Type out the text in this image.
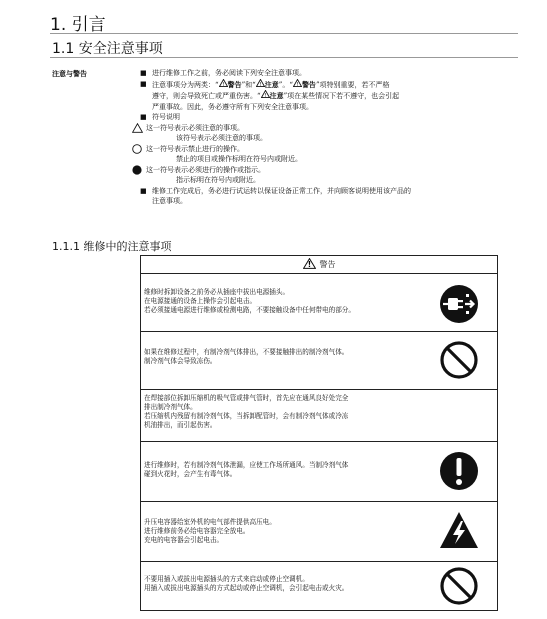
1. 引言
1.1 安全注意事项
注意与警告	■ 进行维修工作之前，务必阅读下列安全注意事项。
■ 注意事项分为两类：“ ! 警告”和“ ! 注意”。“ ! 警告”项特别重要，若不严格
遵守，则会导致死亡或严重伤害。“ ! 注意”项在某些情况下若不遵守，也会引起
严重事故。因此，务必遵守所有下列安全注意事项。
■ 符号说明
这一符号表示必须注意的事项。
该符号表示必须注意的事项。
这一符号表示禁止进行的操作。
禁止的项目或操作标明在符号内或附近。
这一符号表示必须进行的操作或指示。
指示标明在符号内或附近。
■ 维修工作完成后，务必进行试运转以保证设备正常工作，并向顾客说明使用该产品的
注意事项。
1.1.1 维修中的注意事项
! 警告
维修时拆卸设备之前务必从插座中拔出电源插头。
在电源接通的设备上操作会引起电击。
若必须接通电源进行维修或检测电路，不要接触设备中任何带电的部分。
如果在维修过程中，有制冷剂气体排出，不要接触排出的制冷剂气体。
制冷剂气体会导致冻伤。
在焊接部位拆卸压缩机的吸气管或排气管时，首先应在通风良好处完全
排出制冷剂气体。
若压缩机内残留有制冷剂气体，当拆卸配管时，会有制冷剂气体或冷冻
机油排出，而引起伤害。
进行维修时，若有制冷剂气体泄漏，应使工作场所通风。当制冷剂气体
碰到火花时，会产生有毒气体。
升压电容器给室外机的电气部件提供高压电。
进行维修前务必给电容器完全放电。
充电的电容器会引起电击。
不要用插入或拔出电源插头的方式来启动或停止空调机。
用插入或拔出电源插头的方式起动或停止空调机，会引起电击或火灾。
